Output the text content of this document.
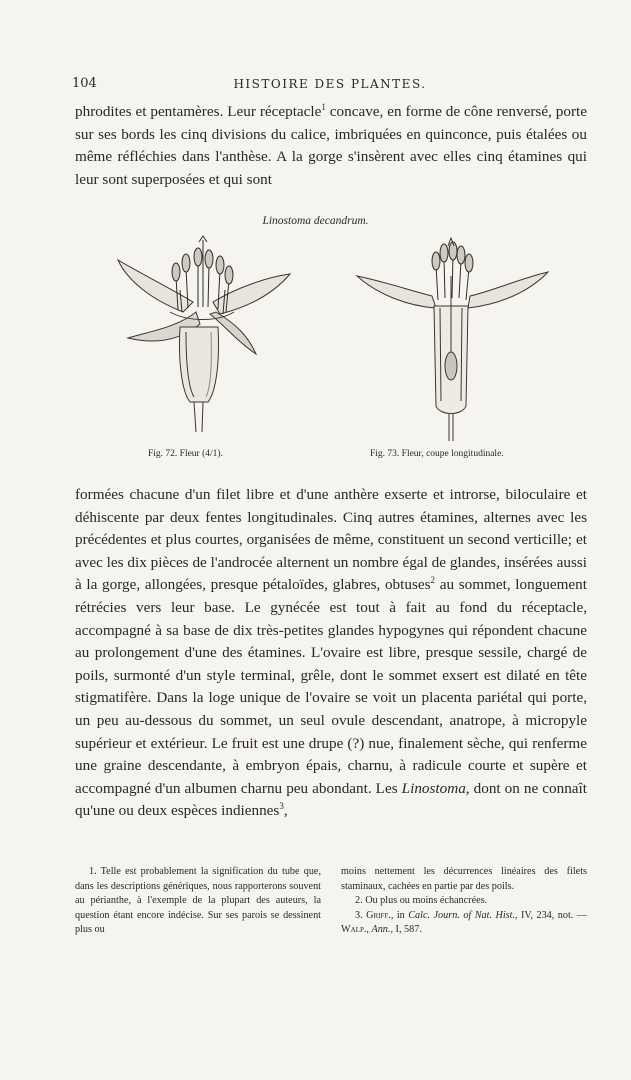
104	HISTOIRE DES PLANTES.

phrodites et pentamères. Leur réceptacle$^1$ concave, en forme de cône renversé, porte sur ses bords les cinq divisions du calice, imbriquées en quinconce, puis étalées ou même réfléchies dans l'anthèse. A la gorge s'insèrent avec elles cinq étamines qui leur sont superposées et qui sont

Linostoma decandrum.
Fig. 72. Fleur (4/1).	Fig. 73. Fleur, coupe longitudinale.

formées chacune d'un filet libre et d'une anthère exserte et introrse, biloculaire et déhiscente par deux fentes longitudinales. Cinq autres étamines, alternes avec les précédentes et plus courtes, organisées de même, constituent un second verticille; et avec les dix pièces de l'androcée alternent un nombre égal de glandes, insérées aussi à la gorge, allongées, presque pétaloïdes, glabres, obtuses$^2$ au sommet, longuement rétrécies vers leur base. Le gynécée est tout à fait au fond du réceptacle, accompagné à sa base de dix très-petites glandes hypogynes qui répondent chacune au prolongement d'une des étamines. L'ovaire est libre, presque sessile, chargé de poils, surmonté d'un style terminal, grêle, dont le sommet exsert est dilaté en tête stigmatifère. Dans la loge unique de l'ovaire se voit un placenta pariétal qui porte, un peu au-dessous du sommet, un seul ovule descendant, anatrope, à micropyle supérieur et extérieur. Le fruit est une drupe (?) nue, finalement sèche, qui renferme une graine descendante, à embryon épais, charnu, à radicule courte et supère et accompagné d'un albumen charnu peu abondant. Les Linostoma, dont on ne connaît qu'une ou deux espèces indiennes$^3$,

1. Telle est probablement la signification du tube que, dans les descriptions génériques, nous rapporterons souvent au périanthe, à l'exemple de la plupart des auteurs, la question étant encore indécise. Sur ses parois se dessinent plus ou

moins nettement les décurrences linéaires des filets staminaux, cachées en partie par des poils.

2. Ou plus ou moins échancrées.

3. Griff., in Calc. Journ. of Nat. Hist., IV, 234, not. — Walp., Ann., I, 587.
